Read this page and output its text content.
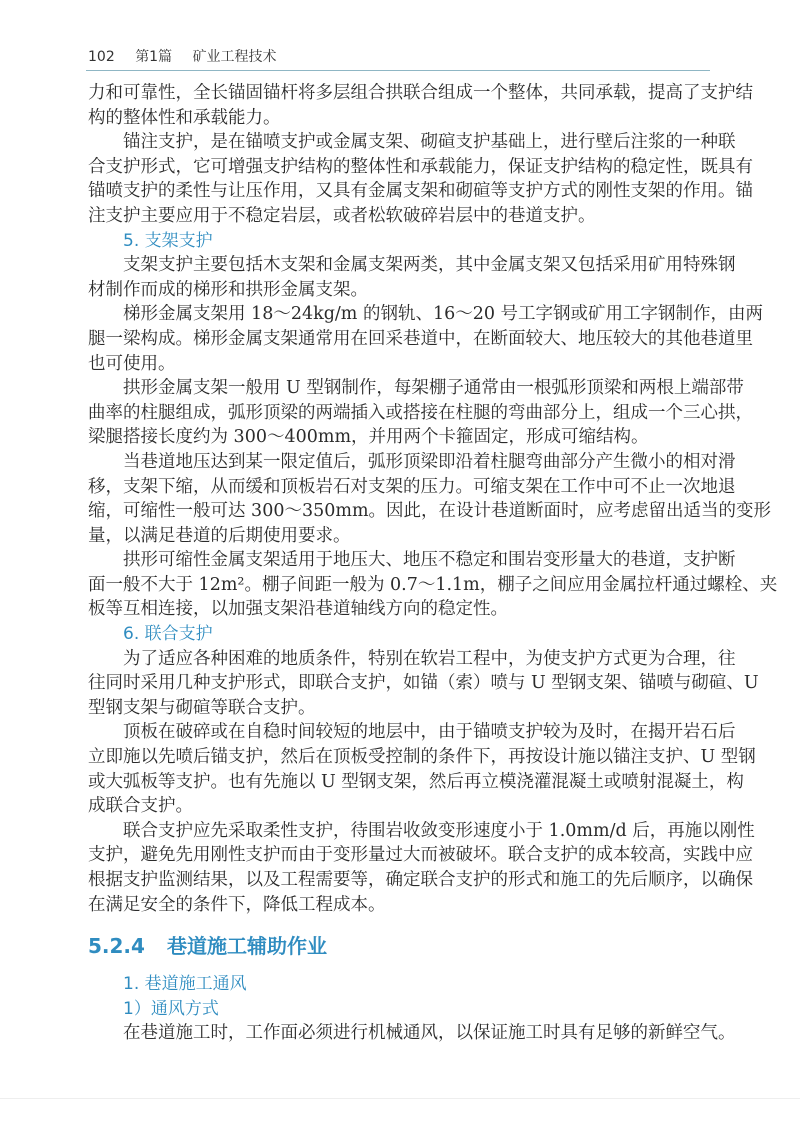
102 第1篇 矿业工程技术
力和可靠性，全长锚固锚杆将多层组合拱联合组成一个整体，共同承载，提高了支护结
构的整体性和承载能力。
锚注支护，是在锚喷支护或金属支架、砌碹支护基础上，进行壁后注浆的一种联
合支护形式，它可增强支护结构的整体性和承载能力，保证支护结构的稳定性，既具有
锚喷支护的柔性与让压作用，又具有金属支架和砌碹等支护方式的刚性支架的作用。锚
注支护主要应用于不稳定岩层，或者松软破碎岩层中的巷道支护。
5. 支架支护
支架支护主要包括木支架和金属支架两类，其中金属支架又包括采用矿用特殊钢
材制作而成的梯形和拱形金属支架。
梯形金属支架用 18～24kg/m 的钢轨、16～20 号工字钢或矿用工字钢制作，由两
腿一梁构成。梯形金属支架通常用在回采巷道中，在断面较大、地压较大的其他巷道里
也可使用。
拱形金属支架一般用 U 型钢制作，每架棚子通常由一根弧形顶梁和两根上端部带
曲率的柱腿组成，弧形顶梁的两端插入或搭接在柱腿的弯曲部分上，组成一个三心拱，
梁腿搭接长度约为 300～400mm，并用两个卡箍固定，形成可缩结构。
当巷道地压达到某一限定值后，弧形顶梁即沿着柱腿弯曲部分产生微小的相对滑
移，支架下缩，从而缓和顶板岩石对支架的压力。可缩支架在工作中可不止一次地退
缩，可缩性一般可达 300～350mm。因此，在设计巷道断面时，应考虑留出适当的变形
量，以满足巷道的后期使用要求。
拱形可缩性金属支架适用于地压大、地压不稳定和围岩变形量大的巷道，支护断
面一般不大于 12m²。棚子间距一般为 0.7～1.1m，棚子之间应用金属拉杆通过螺栓、夹
板等互相连接，以加强支架沿巷道轴线方向的稳定性。
6. 联合支护
为了适应各种困难的地质条件，特别在软岩工程中，为使支护方式更为合理，往
往同时采用几种支护形式，即联合支护，如锚（索）喷与 U 型钢支架、锚喷与砌碹、U
型钢支架与砌碹等联合支护。
顶板在破碎或在自稳时间较短的地层中，由于锚喷支护较为及时，在揭开岩石后
立即施以先喷后锚支护，然后在顶板受控制的条件下，再按设计施以锚注支护、U 型钢
或大弧板等支护。也有先施以 U 型钢支架，然后再立模浇灌混凝土或喷射混凝土，构
成联合支护。
联合支护应先采取柔性支护，待围岩收敛变形速度小于 1.0mm/d 后，再施以刚性
支护，避免先用刚性支护而由于变形量过大而被破坏。联合支护的成本较高，实践中应
根据支护监测结果，以及工程需要等，确定联合支护的形式和施工的先后顺序，以确保
在满足安全的条件下，降低工程成本。
5.2.4 巷道施工辅助作业
1. 巷道施工通风
1）通风方式
在巷道施工时，工作面必须进行机械通风，以保证施工时具有足够的新鲜空气。
